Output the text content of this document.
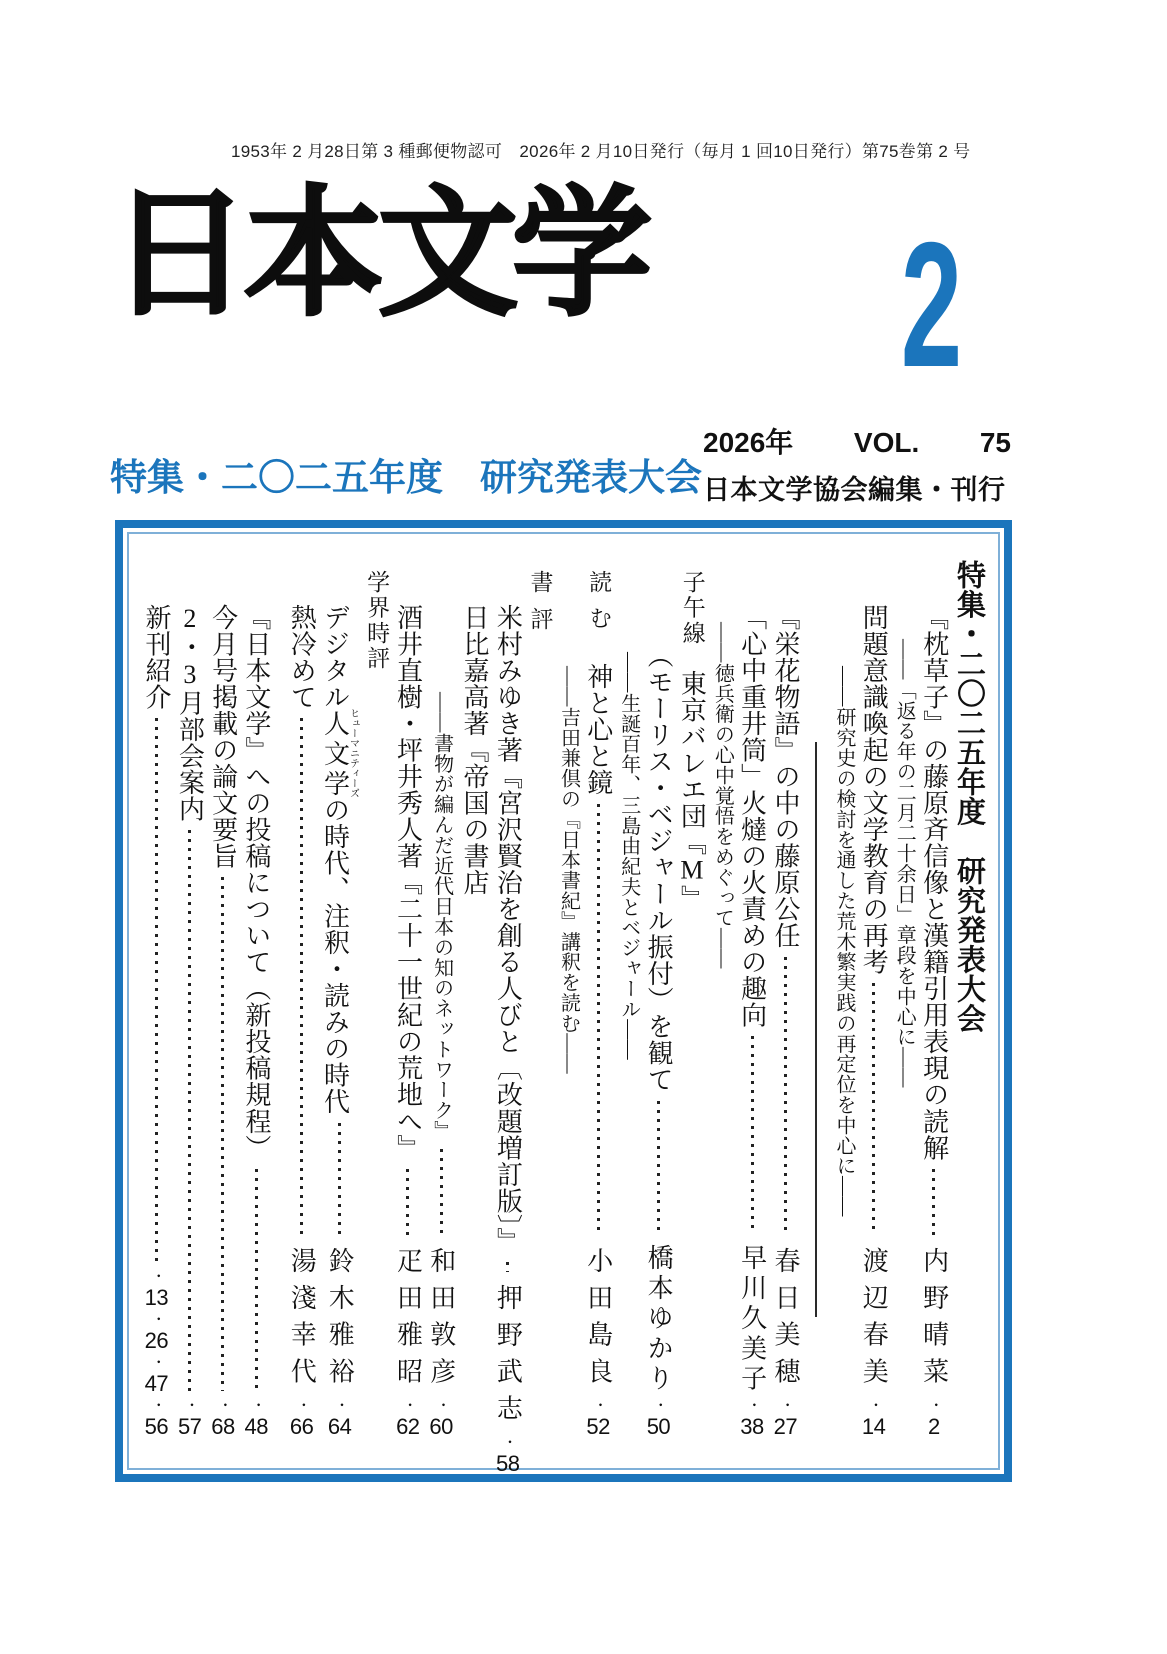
1953年 2 月28日第 3 種郵便物認可　2026年 2 月10日発行（毎月 1 回10日発行）第75巻第 2 号
日本文学	2
特集・二〇二五年度　研究発表大会
2026年 VOL. 75
日本文学協会編集・刊行
特集・二〇二五年度　研究発表大会
『枕草子』の藤原斉信像と漢籍引用表現の読解
内野晴菜
・
2
――「返る年の二月二十余日」章段を中心に――
問題意識喚起の文学教育の再考
渡辺春美
・
14
――研究史の検討を通した荒木繁実践の再定位を中心に――
『栄花物語』の中の藤原公任
春日美穂
・
27
「心中重井筒」火燵の火責めの趣向
早川久美子
・
38
――徳兵衛の心中覚悟をめぐって――
子午線
東京バレエ団『M』
（モーリス・ベジャール振付）を観て
橋本ゆかり
・
50
――生誕百年、三島由紀夫とベジャール――
読む
神と心と鏡
小田島良
・
52
――吉田兼倶の『日本書紀』講釈を読む――
書評
米村みゆき著『宮沢賢治を創る人びと〔改題増訂版〕』
押野武志
・
58
日比嘉高著『帝国の書店
――書物が編んだ近代日本の知のネットワーク』
和田敦彦
・
60
酒井直樹・坪井秀人著『二十一世紀の荒地へ』
疋田雅昭
・
62
学界時評
デジタル人文学ヒューマニティーズの時代、注釈・読みの時代
鈴木雅裕
・
64
熱冷めて
湯淺幸代
・
66
『日本文学』への投稿について（新投稿規程）
・
48
今月号掲載の論文要旨
・
68
2・3月部会案内
・
57
新刊紹介
・
13
・
26
・
47
・
56
